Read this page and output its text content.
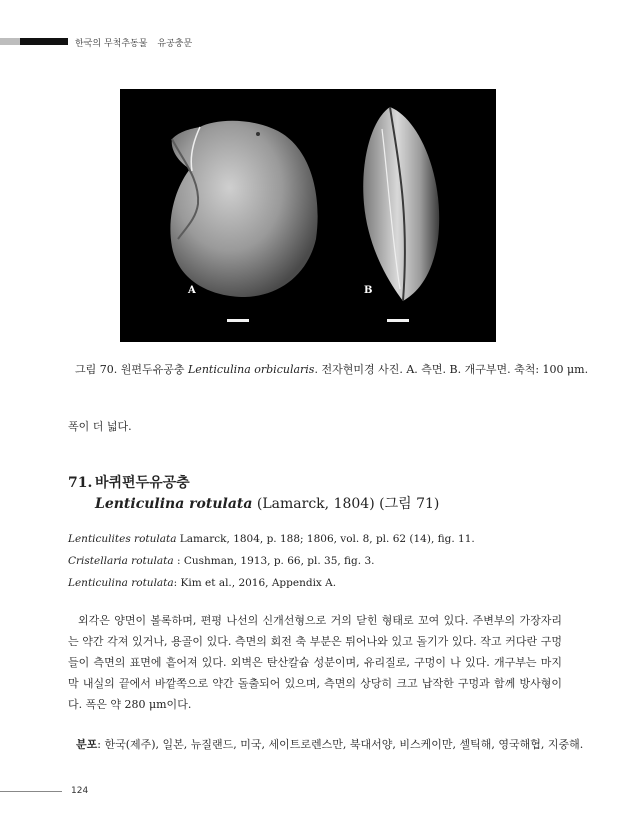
한국의 무척추동물 유공충문
A	B
그림 70. 원편두유공충 Lenticulina orbicularis. 전자현미경 사진. A. 측면. B. 개구부면. 축척: 100 μm.
폭이 더 넓다.
71. 바퀴편두유공충
Lenticulina rotulata (Lamarck, 1804) (그림 71)
Lenticulites rotulata Lamarck, 1804, p. 188; 1806, vol. 8, pl. 62 (14), fig. 11.
Cristellaria rotulata : Cushman, 1913, p. 66, pl. 35, fig. 3.
Lenticulina rotulata: Kim et al., 2016, Appendix A.
외각은 양면이 볼록하며, 편평 나선의 신개선형으로 거의 닫힌 형태로 꼬여 있다. 주변부의 가장자리는 약간 각져 있거나, 용골이 있다. 측면의 회전 축 부분은 튀어나와 있고 돌기가 있다. 작고 커다란 구멍들이 측면의 표면에 흩어져 있다. 외벽은 탄산칼슘 성분이며, 유리질로, 구멍이 나 있다. 개구부는 마지막 내실의 끝에서 바깥쪽으로 약간 돌출되어 있으며, 측면의 상당히 크고 납작한 구멍과 함께 방사형이다. 폭은 약 280 μm이다.
분포: 한국(제주), 일본, 뉴질랜드, 미국, 세이트로렌스만, 북대서양, 비스케이만, 셀틱해, 영국해협, 지중해.
124
